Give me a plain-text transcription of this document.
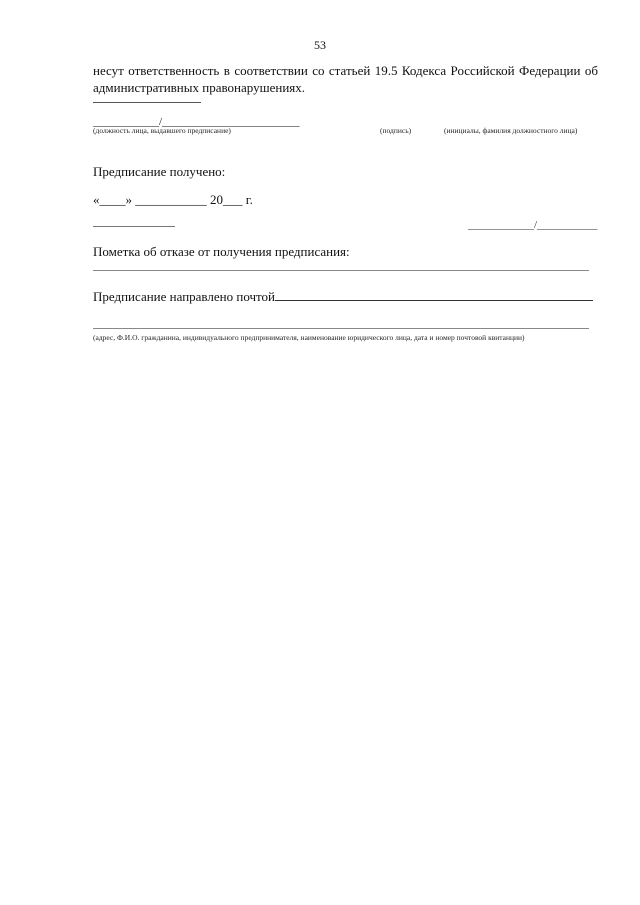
53
несут ответственность в соответствии со статьей 19.5 Кодекса Российской Федерации об административных правонарушениях.
____________/_________________________
(должность лица, выдавшего предписание)	(подпись)	(инициалы, фамилия должностного лица)
Предписание получено:
«____» ___________ 20___ г.
____________/___________
Пометка об отказе от получения предписания:
Предписание направлено почтой
(адрес, Ф.И.О. гражданина, индивидуального предпринимателя, наименование юридического лица, дата и номер почтовой квитанции)
